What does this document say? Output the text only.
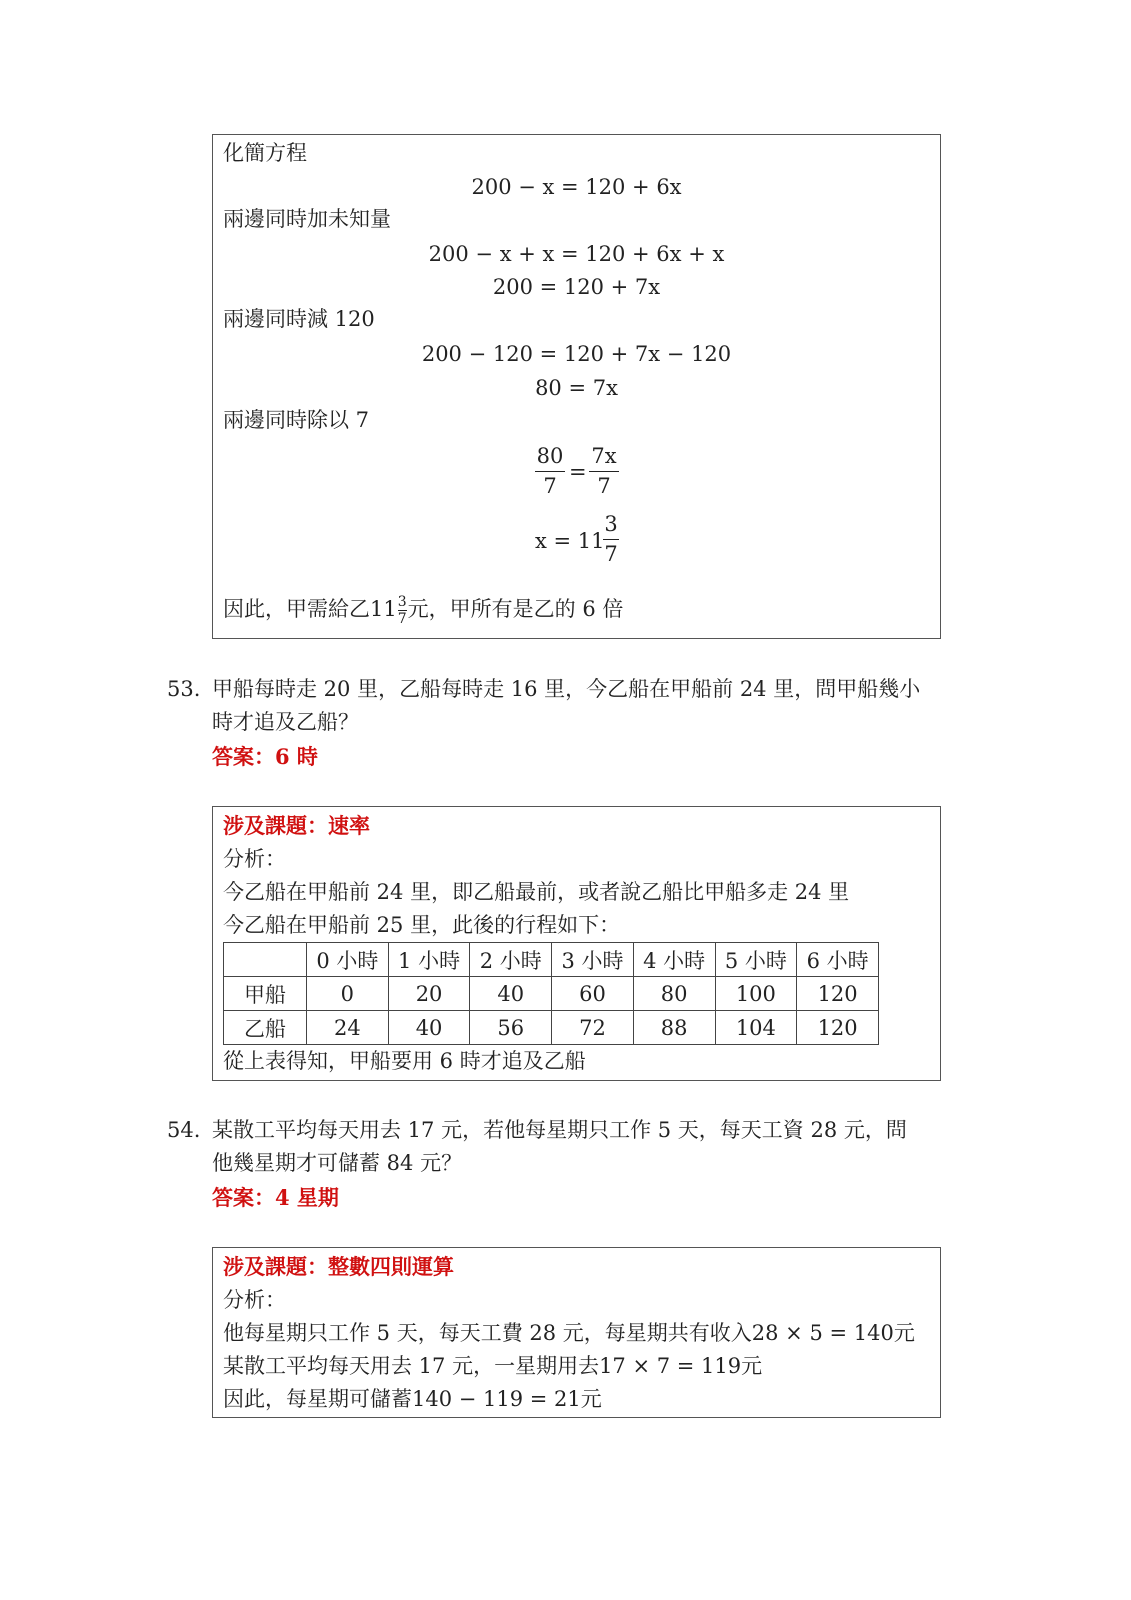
化簡方程
200 − x = 120 + 6x
兩邊同時加未知量
200 − x + x = 120 + 6x + x
200 = 120 + 7x
兩邊同時減 120
200 − 120 = 120 + 7x − 120
80 = 7x
兩邊同時除以 7
80
7
=
7x
7
x = 11
3
7
因此，甲需給乙$11 \frac{3}{7}$ 元，甲所有是乙的 6 倍
53. 甲船每時走 20 里，乙船每時走 16 里，今乙船在甲船前 24 里，問甲船幾小
時才追及乙船？
答案：6 時
涉及課題：速率
分析：
今乙船在甲船前 24 里，即乙船最前，或者說乙船比甲船多走 24 里
今乙船在甲船前 25 里，此後的行程如下：
	0 小時	1 小時	2 小時	3 小時	4 小時	5 小時	6 小時
甲船	0	20	40	60	80	100	120
乙船	24	40	56	72	88	104	120
從上表得知，甲船要用 6 時才追及乙船
54. 某散工平均每天用去 17 元，若他每星期只工作 5 天，每天工資 28 元，問
他幾星期才可儲蓄 84 元？
答案：4 星期
涉及課題：整數四則運算
分析：
他每星期只工作 5 天，每天工費 28 元，每星期共有收入28 × 5 = 140元
某散工平均每天用去 17 元，一星期用去17 × 7 = 119元
因此，每星期可儲蓄140 − 119 = 21元
